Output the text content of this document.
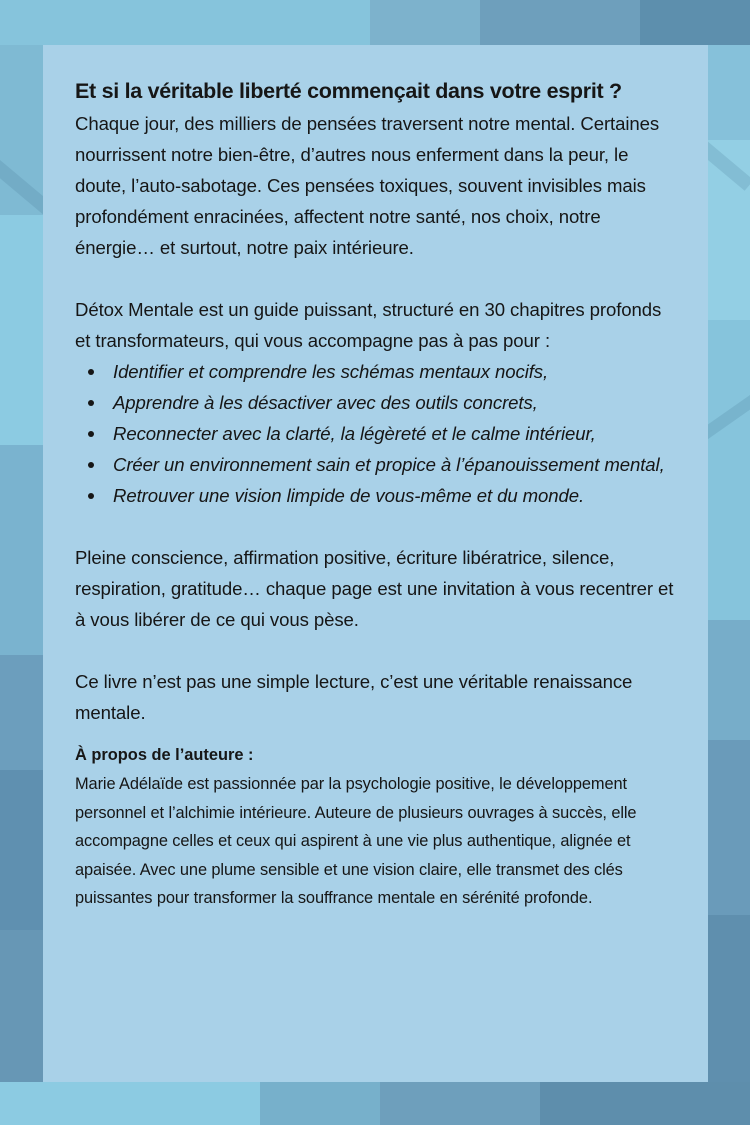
Et si la véritable liberté commençait dans votre esprit ?

Chaque jour, des milliers de pensées traversent notre mental. Certaines nourrissent notre bien-être, d’autres nous enferment dans la peur, le doute, l’auto-sabotage. Ces pensées toxiques, souvent invisibles mais profondément enracinées, affectent notre santé, nos choix, notre énergie… et surtout, notre paix intérieure.

Détox Mentale est un guide puissant, structuré en 30 chapitres profonds et transformateurs, qui vous accompagne pas à pas pour :

Identifier et comprendre les schémas mentaux nocifs,
Apprendre à les désactiver avec des outils concrets,
Reconnecter avec la clarté, la légèreté et le calme intérieur,
Créer un environnement sain et propice à l’épanouissement mental,
Retrouver une vision limpide de vous-même et du monde.

Pleine conscience, affirmation positive, écriture libératrice, silence, respiration, gratitude… chaque page est une invitation à vous recentrer et à vous libérer de ce qui vous pèse.

Ce livre n’est pas une simple lecture, c’est une véritable renaissance mentale.

À propos de l’auteure :

Marie Adélaïde est passionnée par la psychologie positive, le développement personnel et l’alchimie intérieure. Auteure de plusieurs ouvrages à succès, elle accompagne celles et ceux qui aspirent à une vie plus authentique, alignée et apaisée. Avec une plume sensible et une vision claire, elle transmet des clés puissantes pour transformer la souffrance mentale en sérénité profonde.
